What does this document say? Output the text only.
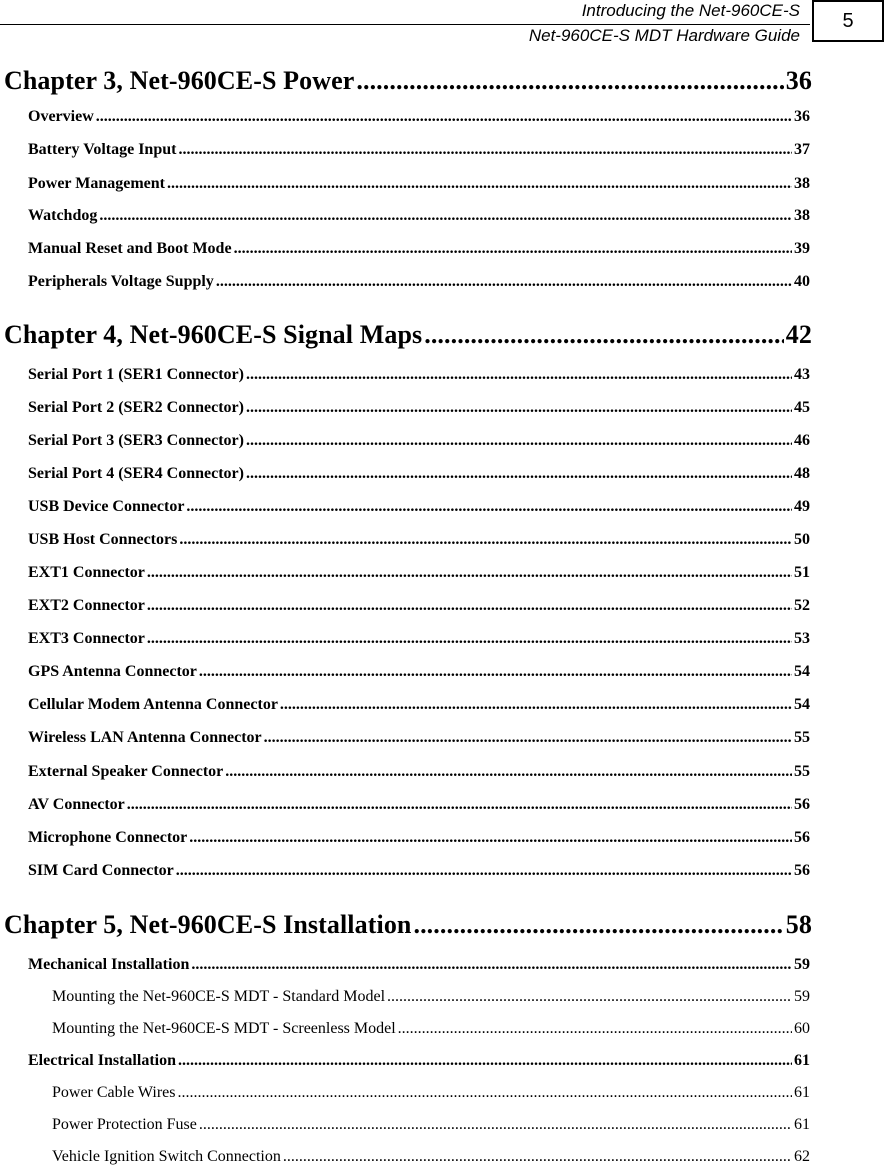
Introducing the Net-960CE-S
Net-960CE-S MDT Hardware Guide
5
Chapter 3, Net-960CE-S Power .....	36
Overview .....	36
Battery Voltage Input .....	37
Power Management .....	38
Watchdog .....	38
Manual Reset and Boot Mode .....	39
Peripherals Voltage Supply .....	40
Chapter 4, Net-960CE-S Signal Maps .....	42
Serial Port 1 (SER1 Connector) .....	43
Serial Port 2 (SER2 Connector) .....	45
Serial Port 3 (SER3 Connector) .....	46
Serial Port 4 (SER4 Connector) .....	48
USB Device Connector .....	49
USB Host Connectors .....	50
EXT1 Connector .....	51
EXT2 Connector .....	52
EXT3 Connector .....	53
GPS Antenna Connector .....	54
Cellular Modem Antenna Connector .....	54
Wireless LAN Antenna Connector .....	55
External Speaker Connector .....	55
AV Connector .....	56
Microphone Connector .....	56
SIM Card Connector .....	56
Chapter 5, Net-960CE-S Installation .....	58
Mechanical Installation .....	59
Mounting the Net-960CE-S MDT - Standard Model .....	59
Mounting the Net-960CE-S MDT - Screenless Model .....	60
Electrical Installation .....	61
Power Cable Wires .....	61
Power Protection Fuse .....	61
Vehicle Ignition Switch Connection .....	62
